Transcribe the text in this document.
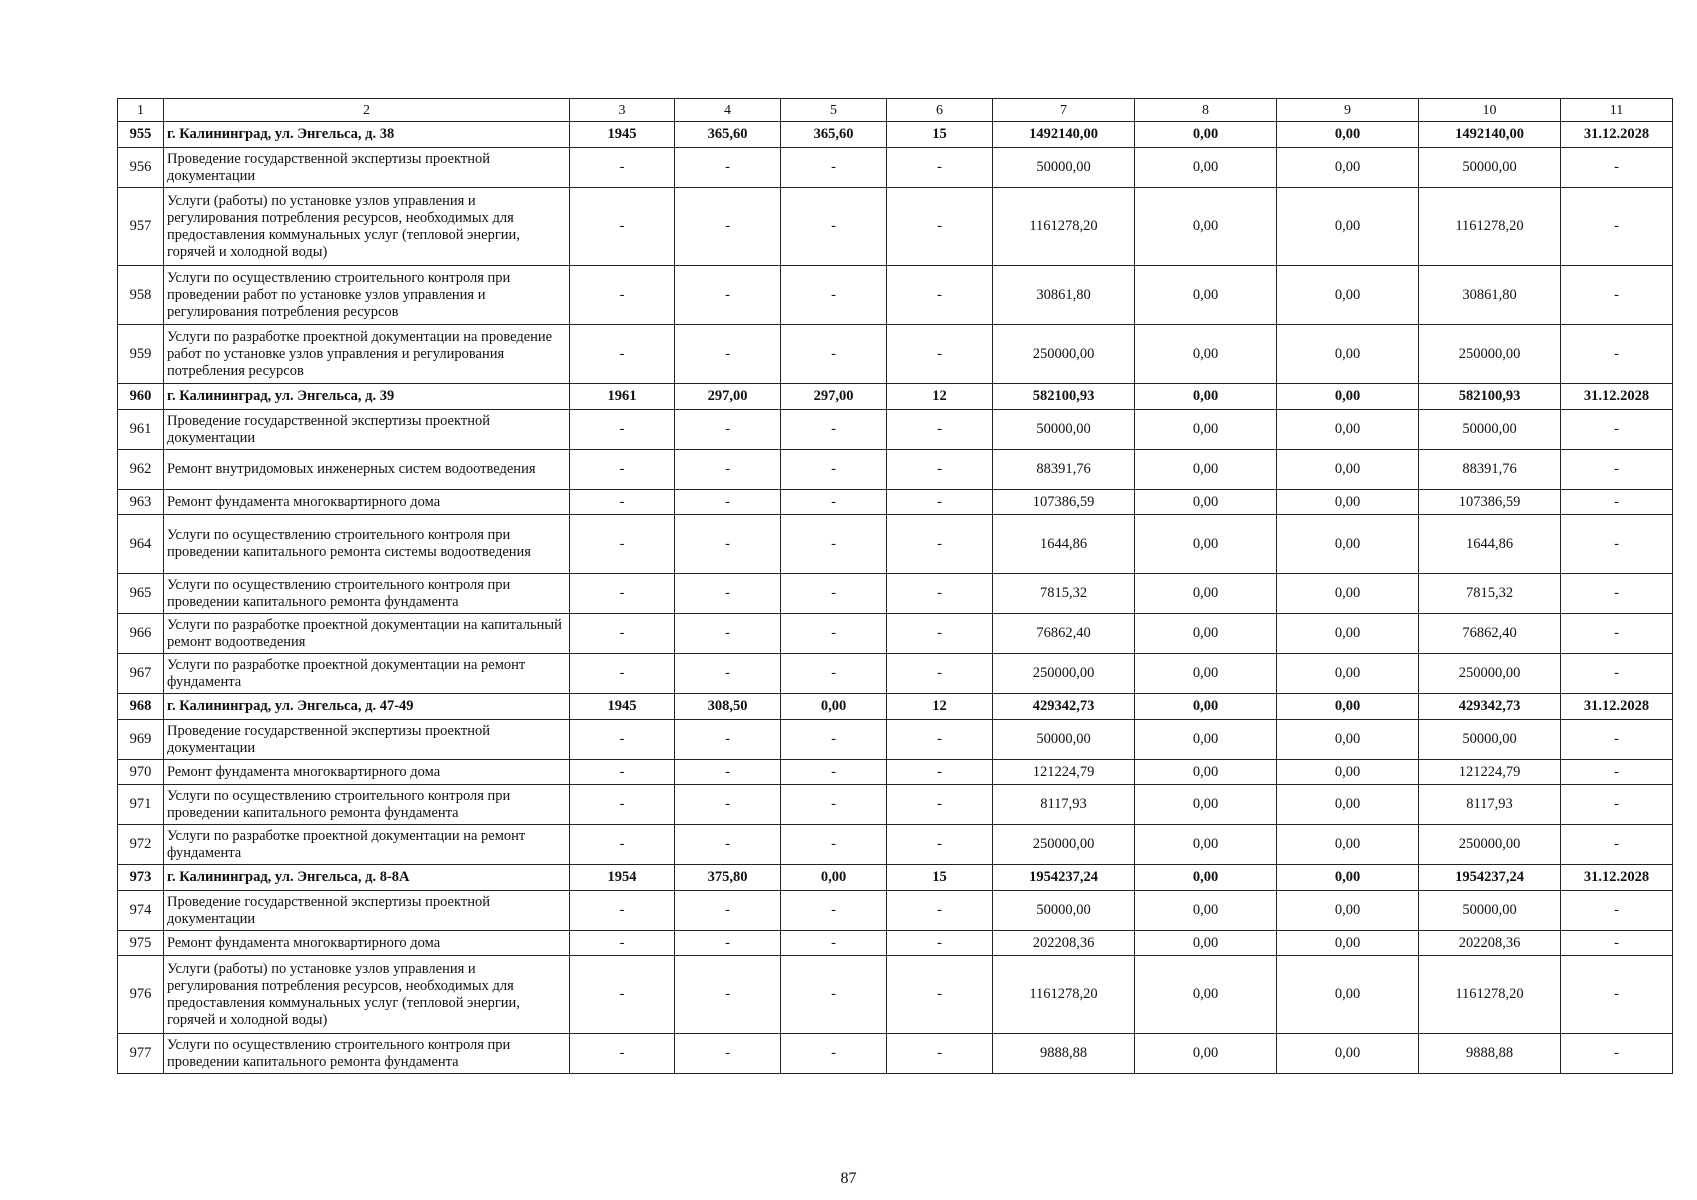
1	2	3	4	5	6	7	8	9	10	11
955	г. Калининград, ул. Энгельса, д. 38	1945	365,60	365,60	15	1492140,00	0,00	0,00	1492140,00	31.12.2028
956	Проведение государственной экспертизы проектной документации	-	-	-	-	50000,00	0,00	0,00	50000,00	-
957	Услуги (работы) по установке узлов управления и регулирования потребления ресурсов, необходимых для предоставления коммунальных услуг (тепловой энергии, горячей и холодной воды)	-	-	-	-	1161278,20	0,00	0,00	1161278,20	-
958	Услуги по осуществлению строительного контроля при проведении работ по установке узлов управления и регулирования потребления ресурсов	-	-	-	-	30861,80	0,00	0,00	30861,80	-
959	Услуги по разработке проектной документации на проведение работ по установке узлов управления и регулирования потребления ресурсов	-	-	-	-	250000,00	0,00	0,00	250000,00	-
960	г. Калининград, ул. Энгельса, д. 39	1961	297,00	297,00	12	582100,93	0,00	0,00	582100,93	31.12.2028
961	Проведение государственной экспертизы проектной документации	-	-	-	-	50000,00	0,00	0,00	50000,00	-
962	Ремонт внутридомовых инженерных систем водоотведения	-	-	-	-	88391,76	0,00	0,00	88391,76	-
963	Ремонт фундамента многоквартирного дома	-	-	-	-	107386,59	0,00	0,00	107386,59	-
964	Услуги по осуществлению строительного контроля при проведении капитального ремонта системы водоотведения	-	-	-	-	1644,86	0,00	0,00	1644,86	-
965	Услуги по осуществлению строительного контроля при проведении капитального ремонта фундамента	-	-	-	-	7815,32	0,00	0,00	7815,32	-
966	Услуги по разработке проектной документации на капитальный ремонт водоотведения	-	-	-	-	76862,40	0,00	0,00	76862,40	-
967	Услуги по разработке проектной документации на ремонт фундамента	-	-	-	-	250000,00	0,00	0,00	250000,00	-
968	г. Калининград, ул. Энгельса, д. 47-49	1945	308,50	0,00	12	429342,73	0,00	0,00	429342,73	31.12.2028
969	Проведение государственной экспертизы проектной документации	-	-	-	-	50000,00	0,00	0,00	50000,00	-
970	Ремонт фундамента многоквартирного дома	-	-	-	-	121224,79	0,00	0,00	121224,79	-
971	Услуги по осуществлению строительного контроля при проведении капитального ремонта фундамента	-	-	-	-	8117,93	0,00	0,00	8117,93	-
972	Услуги по разработке проектной документации на ремонт фундамента	-	-	-	-	250000,00	0,00	0,00	250000,00	-
973	г. Калининград, ул. Энгельса, д. 8-8А	1954	375,80	0,00	15	1954237,24	0,00	0,00	1954237,24	31.12.2028
974	Проведение государственной экспертизы проектной документации	-	-	-	-	50000,00	0,00	0,00	50000,00	-
975	Ремонт фундамента многоквартирного дома	-	-	-	-	202208,36	0,00	0,00	202208,36	-
976	Услуги (работы) по установке узлов управления и регулирования потребления ресурсов, необходимых для предоставления коммунальных услуг (тепловой энергии, горячей и холодной воды)	-	-	-	-	1161278,20	0,00	0,00	1161278,20	-
977	Услуги по осуществлению строительного контроля при проведении капитального ремонта фундамента	-	-	-	-	9888,88	0,00	0,00	9888,88	-
87
